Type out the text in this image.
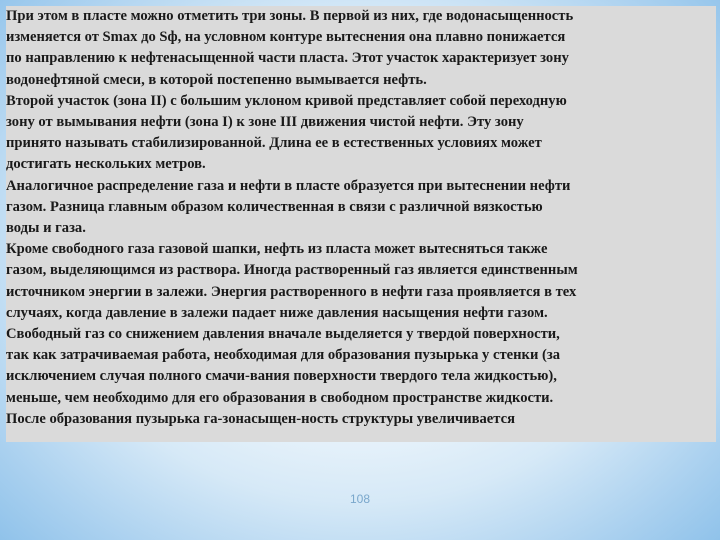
При этом в пласте можно отметить три зоны. В первой из них, где водонасыщенность
изменяется от Smax до Sф, на условном контуре вытеснения она плавно понижается
по направлению к нефтенасыщенной части пласта. Этот участок характеризует зону
водонефтяной смеси, в которой постепенно вымывается нефть.

Второй участок (зона II) с большим уклоном кривой представляет собой переходную
зону от вымывания нефти (зона I) к зоне III движения чистой нефти. Эту зону
принято называть стабилизированной. Длина ее в естественных условиях может
достигать нескольких метров.

Аналогичное распределение газа и нефти в пласте образуется при вытеснении нефти
газом. Разница главным образом количественная в связи с различной вязкостью
воды и газа.

Кроме свободного газа газовой шапки, нефть из пласта может вытесняться также
газом, выделяющимся из раствора. Иногда растворенный газ является единственным
источником энергии в залежи. Энергия растворенного в нефти газа проявляется в тех
случаях, когда давление в залежи падает ниже давления насыщения нефти газом.

Свободный газ со снижением давления вначале выделяется у твердой поверхности,
так как затрачиваемая работа, необходимая для образования пузырька у стенки (за
исключением случая полного смачи-вания поверхности твердого тела жидкостью),
меньше, чем необходимо для его образования в свободном пространстве жидкости.

После образования пузырька га-зонасыщен-ность структуры увеличивается

108
